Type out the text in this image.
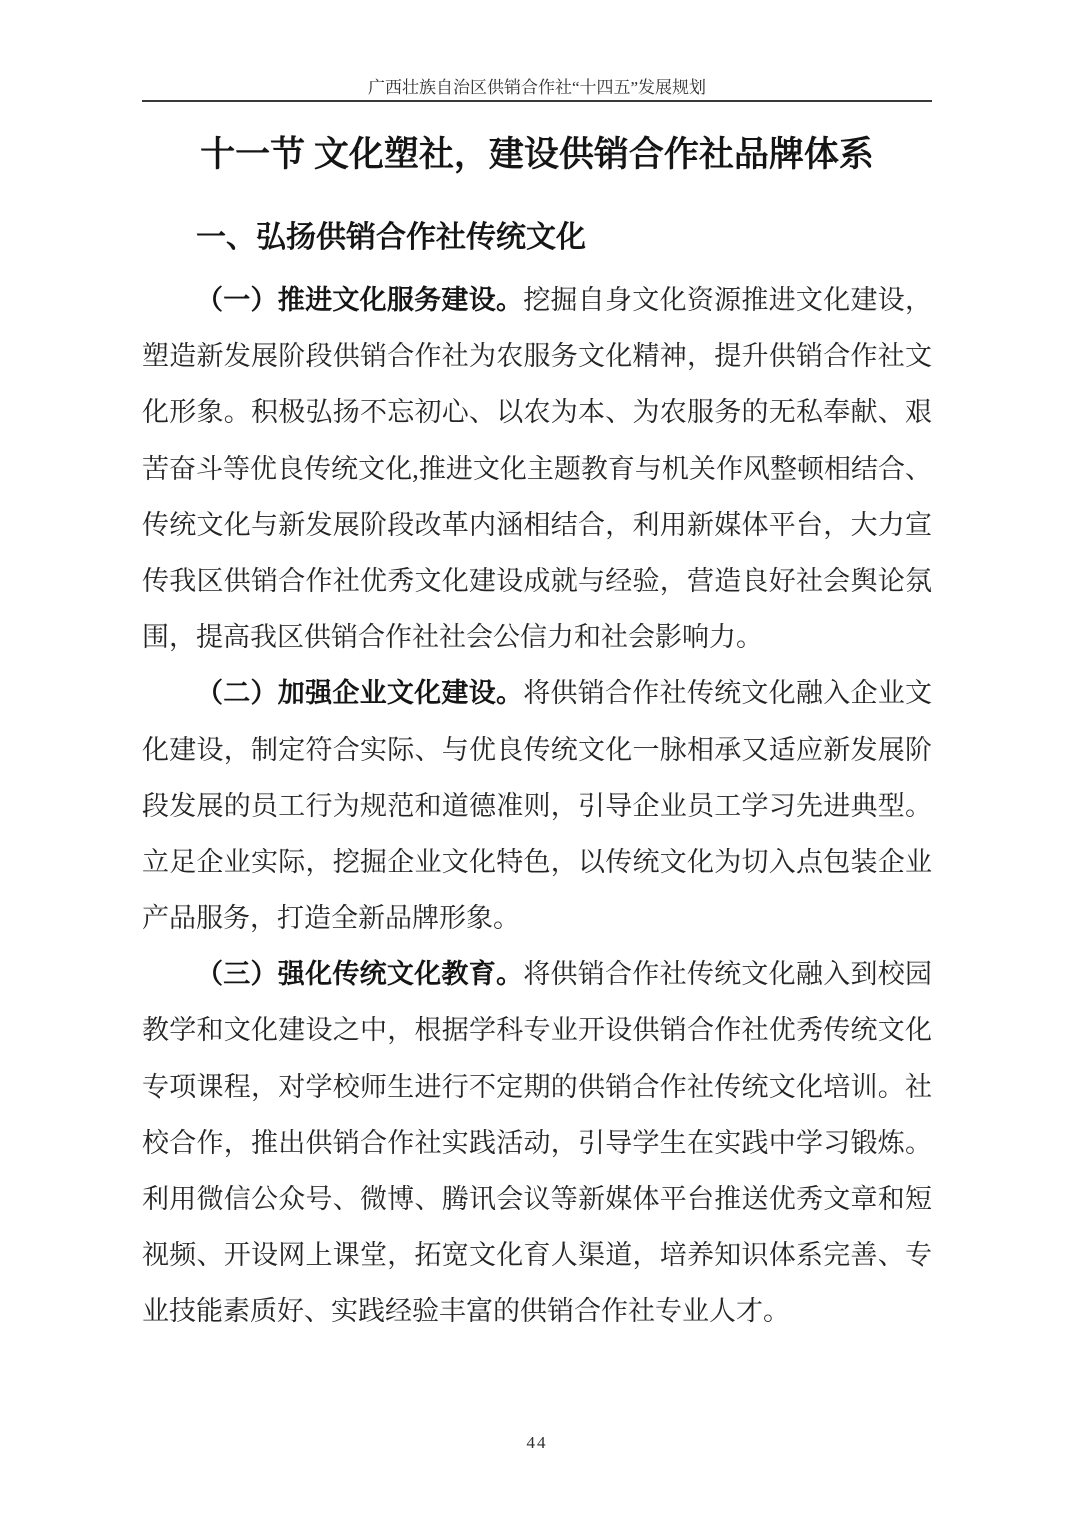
广西壮族自治区供销合作社“十四五”发展规划
十一节 文化塑社，建设供销合作社品牌体系
一、弘扬供销合作社传统文化
（一）推进文化服务建设。挖掘自身文化资源推进文化建设，
塑造新发展阶段供销合作社为农服务文化精神，提升供销合作社文
化形象。积极弘扬不忘初心、以农为本、为农服务的无私奉献、艰
苦奋斗等优良传统文化,推进文化主题教育与机关作风整顿相结合、
传统文化与新发展阶段改革内涵相结合，利用新媒体平台，大力宣
传我区供销合作社优秀文化建设成就与经验，营造良好社会舆论氛
围，提高我区供销合作社社会公信力和社会影响力。
（二）加强企业文化建设。将供销合作社传统文化融入企业文
化建设，制定符合实际、与优良传统文化一脉相承又适应新发展阶
段发展的员工行为规范和道德准则，引导企业员工学习先进典型。
立足企业实际，挖掘企业文化特色，以传统文化为切入点包装企业
产品服务，打造全新品牌形象。
（三）强化传统文化教育。将供销合作社传统文化融入到校园
教学和文化建设之中，根据学科专业开设供销合作社优秀传统文化
专项课程，对学校师生进行不定期的供销合作社传统文化培训。社
校合作，推出供销合作社实践活动，引导学生在实践中学习锻炼。
利用微信公众号、微博、腾讯会议等新媒体平台推送优秀文章和短
视频、开设网上课堂，拓宽文化育人渠道，培养知识体系完善、专
业技能素质好、实践经验丰富的供销合作社专业人才。
44
